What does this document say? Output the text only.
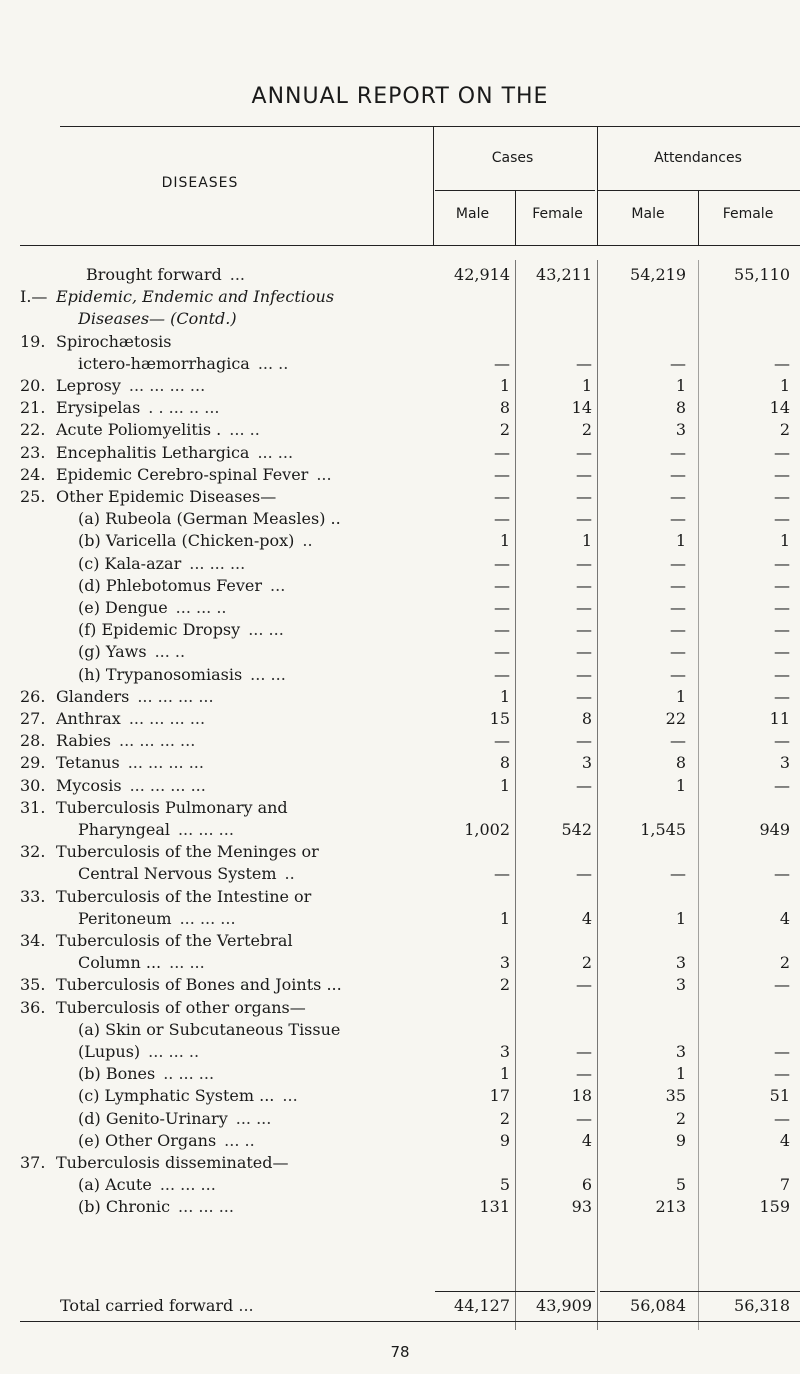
ANNUAL REPORT ON THE
DISEASES
Cases	Attendances
Male	Female	Male	Female
Brought forward ...	42,914	43,211	54,219	55,110
I.— Epidemic, Endemic and Infectious
Diseases— (Contd.)
19. Spirochætosis
ictero-hæmorrhagica ... ..	—	—	—	—
20. Leprosy ... ... ... ...	1	1	1	1
21. Erysipelas . . ... .. ...	8	14	8	14
22. Acute Poliomyelitis . ... ..	2	2	3	2
23. Encephalitis Lethargica ... ...	—	—	—	—
24. Epidemic Cerebro-spinal Fever ...	—	—	—	—
25. Other Epidemic Diseases—	—	—	—	—
(a) Rubeola (German Measles) ..	—	—	—	—
(b) Varicella (Chicken-pox) ..	1	1	1	1
(c) Kala-azar ... ... ...	—	—	—	—
(d) Phlebotomus Fever ...	—	—	—	—
(e) Dengue ... ... ..	—	—	—	—
(f) Epidemic Dropsy ... ...	—	—	—	—
(g) Yaws ... ..	—	—	—	—
(h) Trypanosomiasis ... ...	—	—	—	—
26. Glanders ... ... ... ...	1	—	1	—
27. Anthrax ... ... ... ...	15	8	22	11
28. Rabies ... ... ... ...	—	—	—	—
29. Tetanus ... ... ... ...	8	3	8	3
30. Mycosis ... ... ... ...	1	—	1	—
31. Tuberculosis Pulmonary and
Pharyngeal ... ... ...	1,002	542	1,545	949
32. Tuberculosis of the Meninges or
Central Nervous System ..	—	—	—	—
33. Tuberculosis of the Intestine or
Peritoneum ... ... ...	1	4	1	4
34. Tuberculosis of the Vertebral
Column ... ... ...	3	2	3	2
35. Tuberculosis of Bones and Joints ...	2	—	3	—
36. Tuberculosis of other organs—
(a) Skin or Subcutaneous Tissue
(Lupus) ... ... ..	3	—	3	—
(b) Bones .. ... ...	1	—	1	—
(c) Lymphatic System ... ...	17	18	35	51
(d) Genito-Urinary ... ...	2	—	2	—
(e) Other Organs ... ..	9	4	9	4
37. Tuberculosis disseminated—
(a) Acute ... ... ...	5	6	5	7
(b) Chronic ... ... ...	131	93	213	159
Total carried forward ...	44,127	43,909	56,084	56,318
78
